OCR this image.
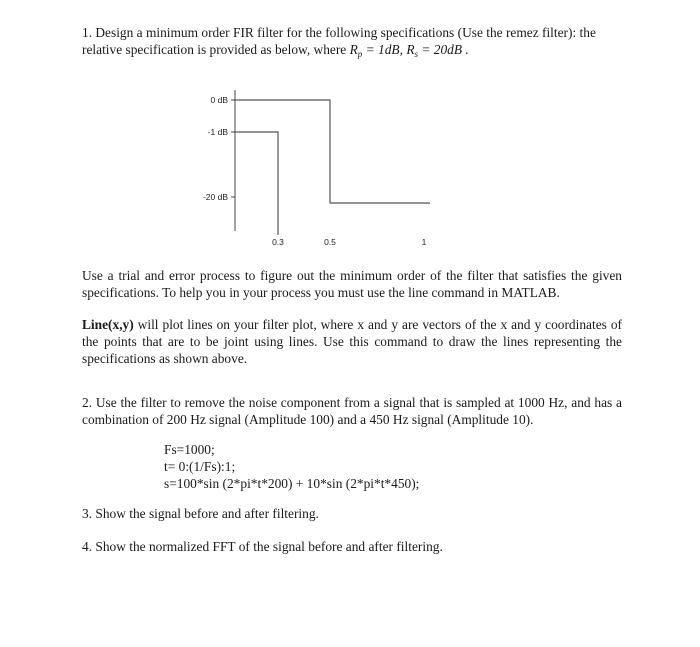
1. Design a minimum order FIR filter for the following specifications (Use the remez filter): the relative specification is provided as below, where $R_p = 1dB$, $R_s = 20dB$ .

0 dB
-1 dB
-20 dB
0.3	0.5	1

Use a trial and error process to figure out the minimum order of the filter that satisfies the given specifications. To help you in your process you must use the line command in MATLAB.

Line(x,y) will plot lines on your filter plot, where x and y are vectors of the x and y coordinates of the points that are to be joint using lines. Use this command to draw the lines representing the specifications as shown above.

2. Use the filter to remove the noise component from a signal that is sampled at 1000 Hz, and has a combination of 200 Hz signal (Amplitude 100) and a 450 Hz signal (Amplitude 10).

Fs=1000;
t= 0:(1/Fs):1;
s=100*sin (2*pi*t*200) + 10*sin (2*pi*t*450);

3. Show the signal before and after filtering.

4. Show the normalized FFT of the signal before and after filtering.
